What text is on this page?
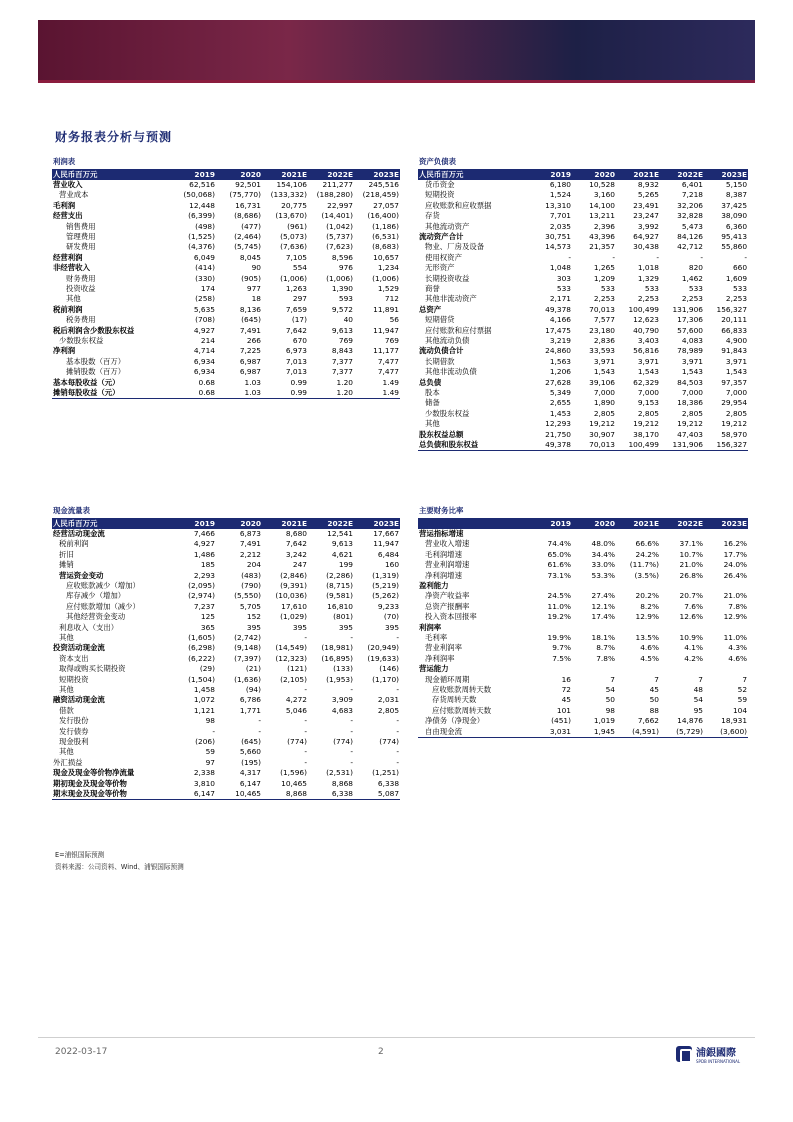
财务报表分析与预测
利润表					
人民币百万元	2019	2020	2021E	2022E	2023E
营业收入	62,516	92,501	154,106	211,277	245,516
营业成本	(50,068)	(75,770)	(133,332)	(188,280)	(218,459)
毛利润	12,448	16,731	20,775	22,997	27,057
经营支出	(6,399)	(8,686)	(13,670)	(14,401)	(16,400)
销售费用	(498)	(477)	(961)	(1,042)	(1,186)
管理费用	(1,525)	(2,464)	(5,073)	(5,737)	(6,531)
研发费用	(4,376)	(5,745)	(7,636)	(7,623)	(8,683)
经营利润	6,049	8,045	7,105	8,596	10,657
非经营收入	(414)	90	554	976	1,234
财务费用	(330)	(905)	(1,006)	(1,006)	(1,006)
投资收益	174	977	1,263	1,390	1,529
其他	(258)	18	297	593	712
税前利润	5,635	8,136	7,659	9,572	11,891
税务费用	(708)	(645)	(17)	40	56
税后利润含少数股东权益	4,927	7,491	7,642	9,613	11,947
少数股东权益	214	266	670	769	769
净利润	4,714	7,225	6,973	8,843	11,177
基本股数（百万）	6,934	6,987	7,013	7,377	7,477
摊销股数（百万）	6,934	6,987	7,013	7,377	7,477
基本每股收益（元）	0.68	1.03	0.99	1.20	1.49
摊销每股收益（元）	0.68	1.03	0.99	1.20	1.49
资产负债表					
人民币百万元	2019	2020	2021E	2022E	2023E
货币资金	6,180	10,528	8,932	6,401	5,150
短期投资	1,524	3,160	5,265	7,218	8,387
应收账款和应收票据	13,310	14,100	23,491	32,206	37,425
存货	7,701	13,211	23,247	32,828	38,090
其他流动资产	2,035	2,396	3,992	5,473	6,360
流动资产合计	30,751	43,396	64,927	84,126	95,413
物业、厂房及设备	14,573	21,357	30,438	42,712	55,860
使用权资产	-	-	-	-	-
无形资产	1,048	1,265	1,018	820	660
长期投资收益	303	1,209	1,329	1,462	1,609
商誉	533	533	533	533	533
其他非流动资产	2,171	2,253	2,253	2,253	2,253
总资产	49,378	70,013	100,499	131,906	156,327
短期借贷	4,166	7,577	12,623	17,306	20,111
应付账款和应付票据	17,475	23,180	40,790	57,600	66,833
其他流动负债	3,219	2,836	3,403	4,083	4,900
流动负债合计	24,860	33,593	56,816	78,989	91,843
长期借款	1,563	3,971	3,971	3,971	3,971
其他非流动负债	1,206	1,543	1,543	1,543	1,543
总负债	27,628	39,106	62,329	84,503	97,357
股本	5,349	7,000	7,000	7,000	7,000
储备	2,655	1,890	9,153	18,386	29,954
少数股东权益	1,453	2,805	2,805	2,805	2,805
其他	12,293	19,212	19,212	19,212	19,212
股东权益总额	21,750	30,907	38,170	47,403	58,970
总负债和股东权益	49,378	70,013	100,499	131,906	156,327
现金流量表					
人民币百万元	2019	2020	2021E	2022E	2023E
经营活动现金流	7,466	6,873	8,680	12,541	17,667
税前利润	4,927	7,491	7,642	9,613	11,947
折旧	1,486	2,212	3,242	4,621	6,484
摊销	185	204	247	199	160
营运资金变动	2,293	(483)	(2,846)	(2,286)	(1,319)
应收账款减少（增加）	(2,095)	(790)	(9,391)	(8,715)	(5,219)
库存减少（增加）	(2,974)	(5,550)	(10,036)	(9,581)	(5,262)
应付账款增加（减少）	7,237	5,705	17,610	16,810	9,233
其他经营资金变动	125	152	(1,029)	(801)	(70)
利息收入（支出）	365	395	395	395	395
其他	(1,605)	(2,742)	-	-	-
投资活动现金流	(6,298)	(9,148)	(14,549)	(18,981)	(20,949)
资本支出	(6,222)	(7,397)	(12,323)	(16,895)	(19,633)
取得或购买长期投资	(29)	(21)	(121)	(133)	(146)
短期投资	(1,504)	(1,636)	(2,105)	(1,953)	(1,170)
其他	1,458	(94)	-	-	-
融资活动现金流	1,072	6,786	4,272	3,909	2,031
借款	1,121	1,771	5,046	4,683	2,805
发行股份	98	-	-	-	-
发行债券	-	-	-	-	-
现金股利	(206)	(645)	(774)	(774)	(774)
其他	59	5,660	-	-	-
外汇损益	97	(195)	-	-	-
现金及现金等价物净流量	2,338	4,317	(1,596)	(2,531)	(1,251)
期初现金及现金等价物	3,810	6,147	10,465	8,868	6,338
期末现金及现金等价物	6,147	10,465	8,868	6,338	5,087
主要财务比率					
	2019	2020	2021E	2022E	2023E
营运指标增速					
营业收入增速	74.4%	48.0%	66.6%	37.1%	16.2%
毛利润增速	65.0%	34.4%	24.2%	10.7%	17.7%
营业利润增速	61.6%	33.0%	(11.7%)	21.0%	24.0%
净利润增速	73.1%	53.3%	(3.5%)	26.8%	26.4%

盈利能力					
净资产收益率	24.5%	27.4%	20.2%	20.7%	21.0%
总资产报酬率	11.0%	12.1%	8.2%	7.6%	7.8%
投入资本回报率	19.2%	17.4%	12.9%	12.6%	12.9%

利润率					
毛利率	19.9%	18.1%	13.5%	10.9%	11.0%
营业利润率	9.7%	8.7%	4.6%	4.1%	4.3%
净利润率	7.5%	7.8%	4.5%	4.2%	4.6%

营运能力					
现金循环周期	16	7	7	7	7
应收账款周转天数	72	54	45	48	52
存货周转天数	45	50	50	54	59
应付账款周转天数	101	98	88	95	104

净债务（净现金）	(451)	1,019	7,662	14,876	18,931
自由现金流	3,031	1,945	(4,591)	(5,729)	(3,600)
E=浦银国际预测
资料来源：公司资料、Wind、浦银国际预测
2022-03-17	2	浦銀國際
SPDB INTERNATIONAL
